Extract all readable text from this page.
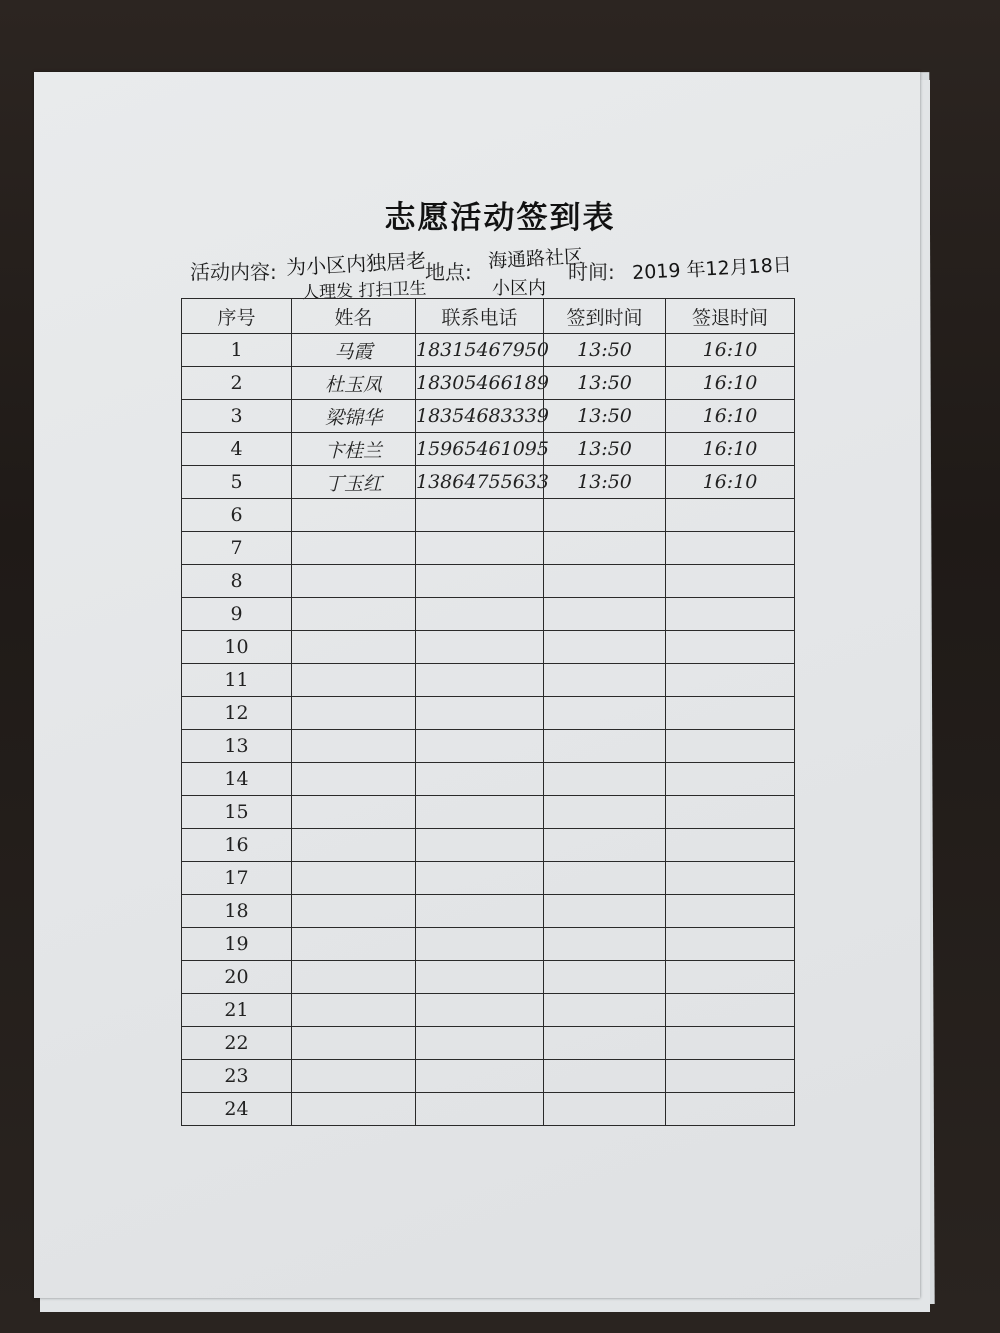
志愿活动签到表
活动内容: 为小区内独居老
人理发 打扫卫生
地点: 海通路社区
小区内
时间: 2019 年12月18日
序号	姓名	联系电话	签到时间	签退时间
1	马霞	18315467950	13:50	16:10
2	杜玉凤	18305466189	13:50	16:10
3	梁锦华	18354683339	13:50	16:10
4	卞桂兰	15965461095	13:50	16:10
5	丁玉红	13864755633	13:50	16:10
6				
7				
8				
9				
10				
11				
12				
13				
14				
15				
16				
17				
18				
19				
20				
21				
22				
23				
24				
